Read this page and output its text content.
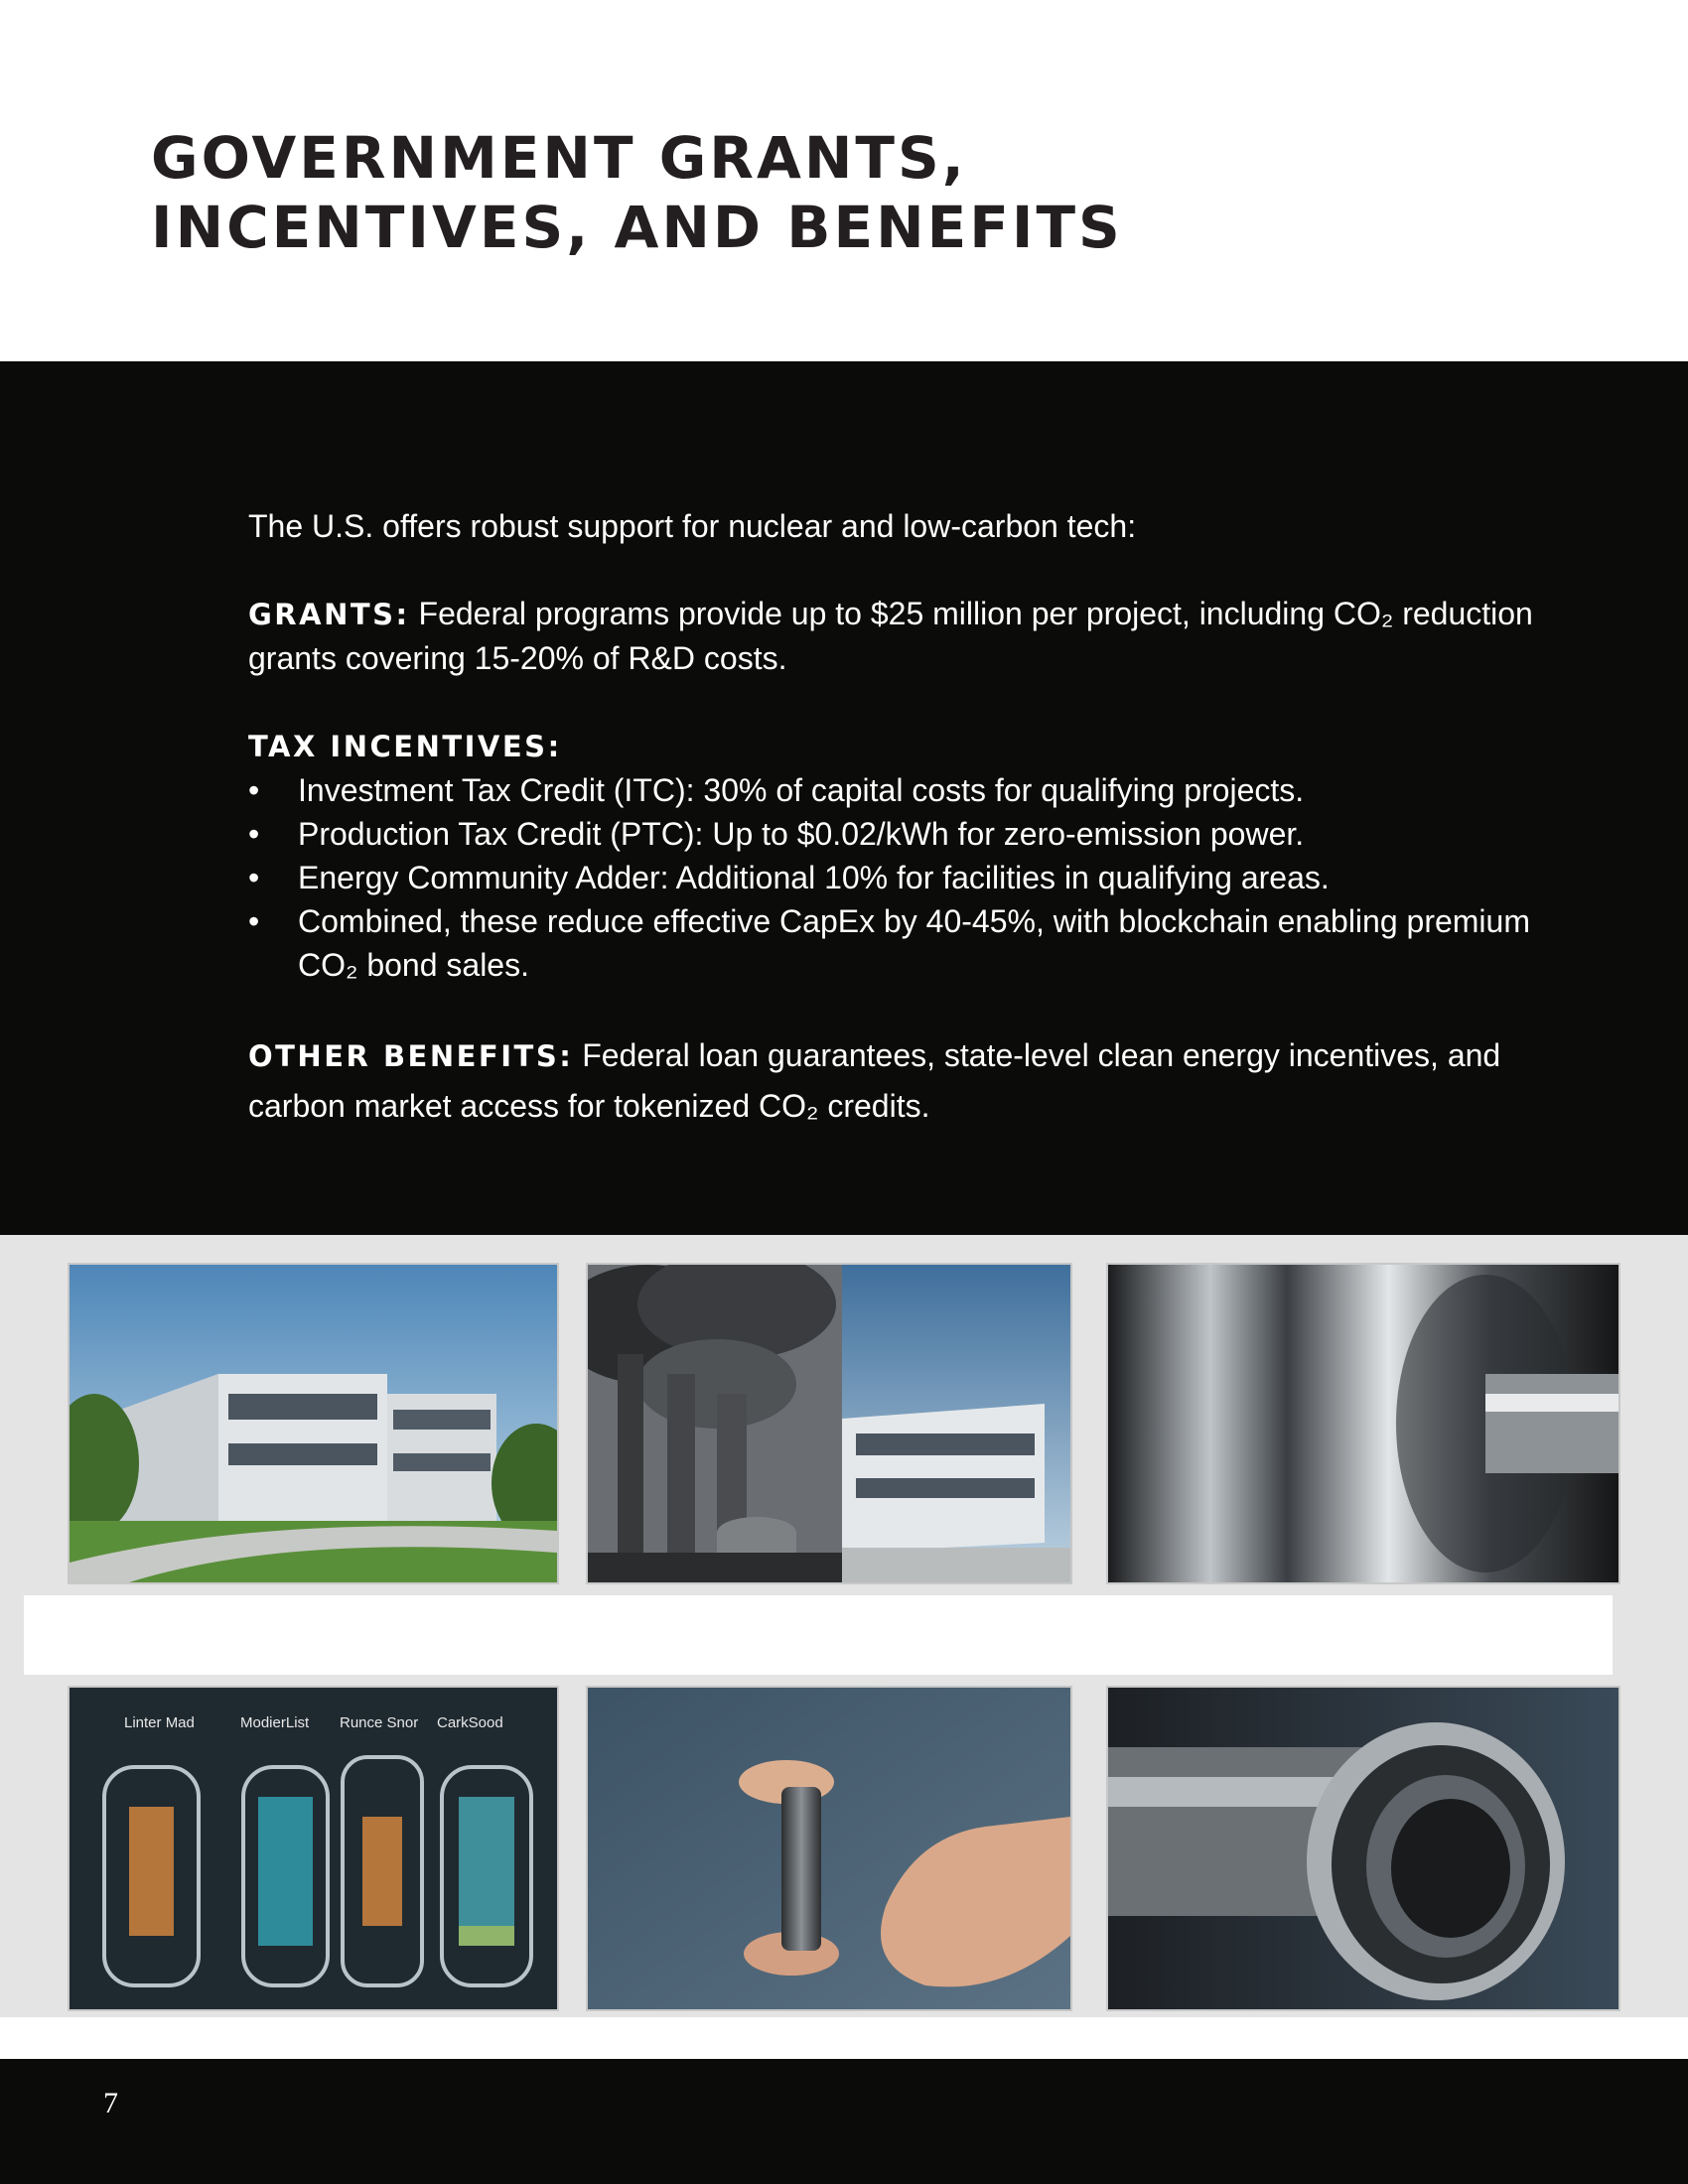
GOVERNMENT GRANTS,
INCENTIVES, AND BENEFITS

The U.S. offers robust support for nuclear and low-carbon tech:

GRANTS: Federal programs provide up to $25 million per project, including CO₂ reduction grants covering 15-20% of R&D costs.

TAX INCENTIVES:

• Investment Tax Credit (ITC): 30% of capital costs for qualifying projects.
• Production Tax Credit (PTC): Up to $0.02/kWh for zero-emission power.
• Energy Community Adder: Additional 10% for facilities in qualifying areas.
• Combined, these reduce effective CapEx by 40-45%, with blockchain enabling premium CO₂ bond sales.

OTHER BENEFITS: Federal loan guarantees, state-level clean energy incentives, and carbon market access for tokenized CO₂ credits.

Linter Mad	ModierList Runce Snor CarkSood
7
